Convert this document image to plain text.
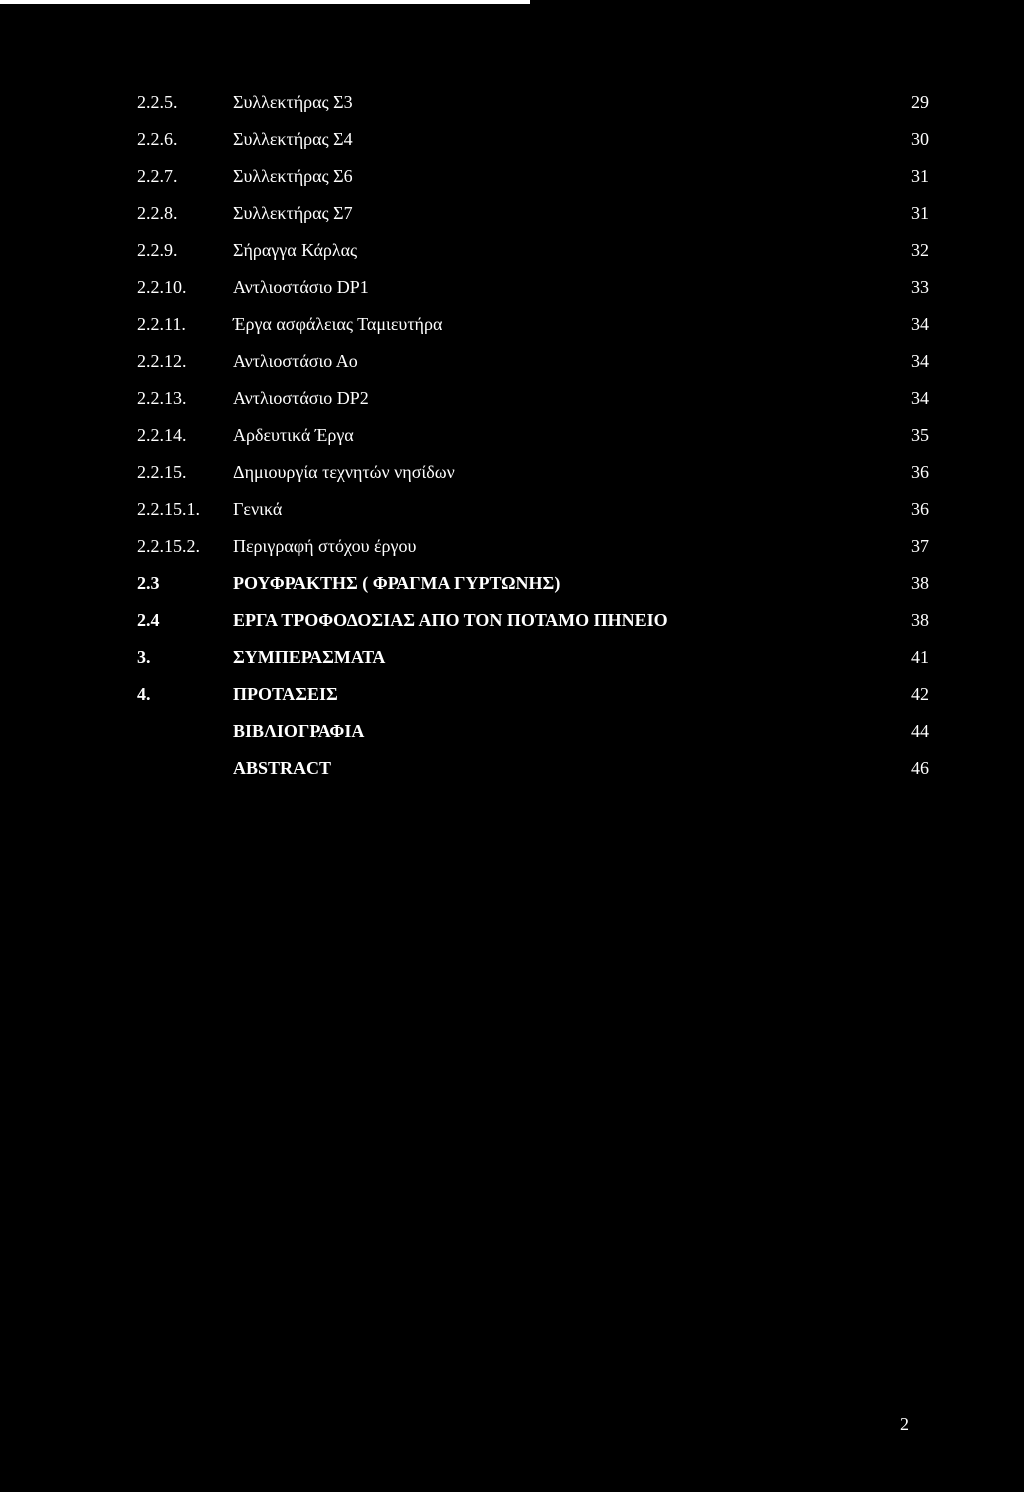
2.2.5.	Συλλεκτήρας Σ3	29
2.2.6.	Συλλεκτήρας Σ4	30
2.2.7.	Συλλεκτήρας Σ6	31
2.2.8.	Συλλεκτήρας Σ7	31
2.2.9.	Σήραγγα Κάρλας	32
2.2.10.	Αντλιοστάσιο DP1	33
2.2.11.	Έργα ασφάλειας Ταμιευτήρα	34
2.2.12.	Αντλιοστάσιο Αο	34
2.2.13.	Αντλιοστάσιο DP2	34
2.2.14.	Αρδευτικά Έργα	35
2.2.15.	Δημιουργία τεχνητών νησίδων	36
2.2.15.1. Γενικά	36
2.2.15.2. Περιγραφή στόχου έργου	37
2.3	ΡΟΥΦΡΑΚΤΗΣ ( ΦΡΑΓΜΑ ΓΥΡΤΩΝΗΣ)	38
2.4	ΕΡΓΑ ΤΡΟΦΟΔΟΣΙΑΣ ΑΠΟ ΤΟΝ ΠΟΤΑΜΟ ΠΗΝΕΙΟ	38
3.	ΣΥΜΠΕΡΑΣΜΑΤΑ	41
4.	ΠΡΟΤΑΣΕΙΣ	42
ΒΙΒΛΙΟΓΡΑΦΙΑ	44
ABSTRACT	46
2
